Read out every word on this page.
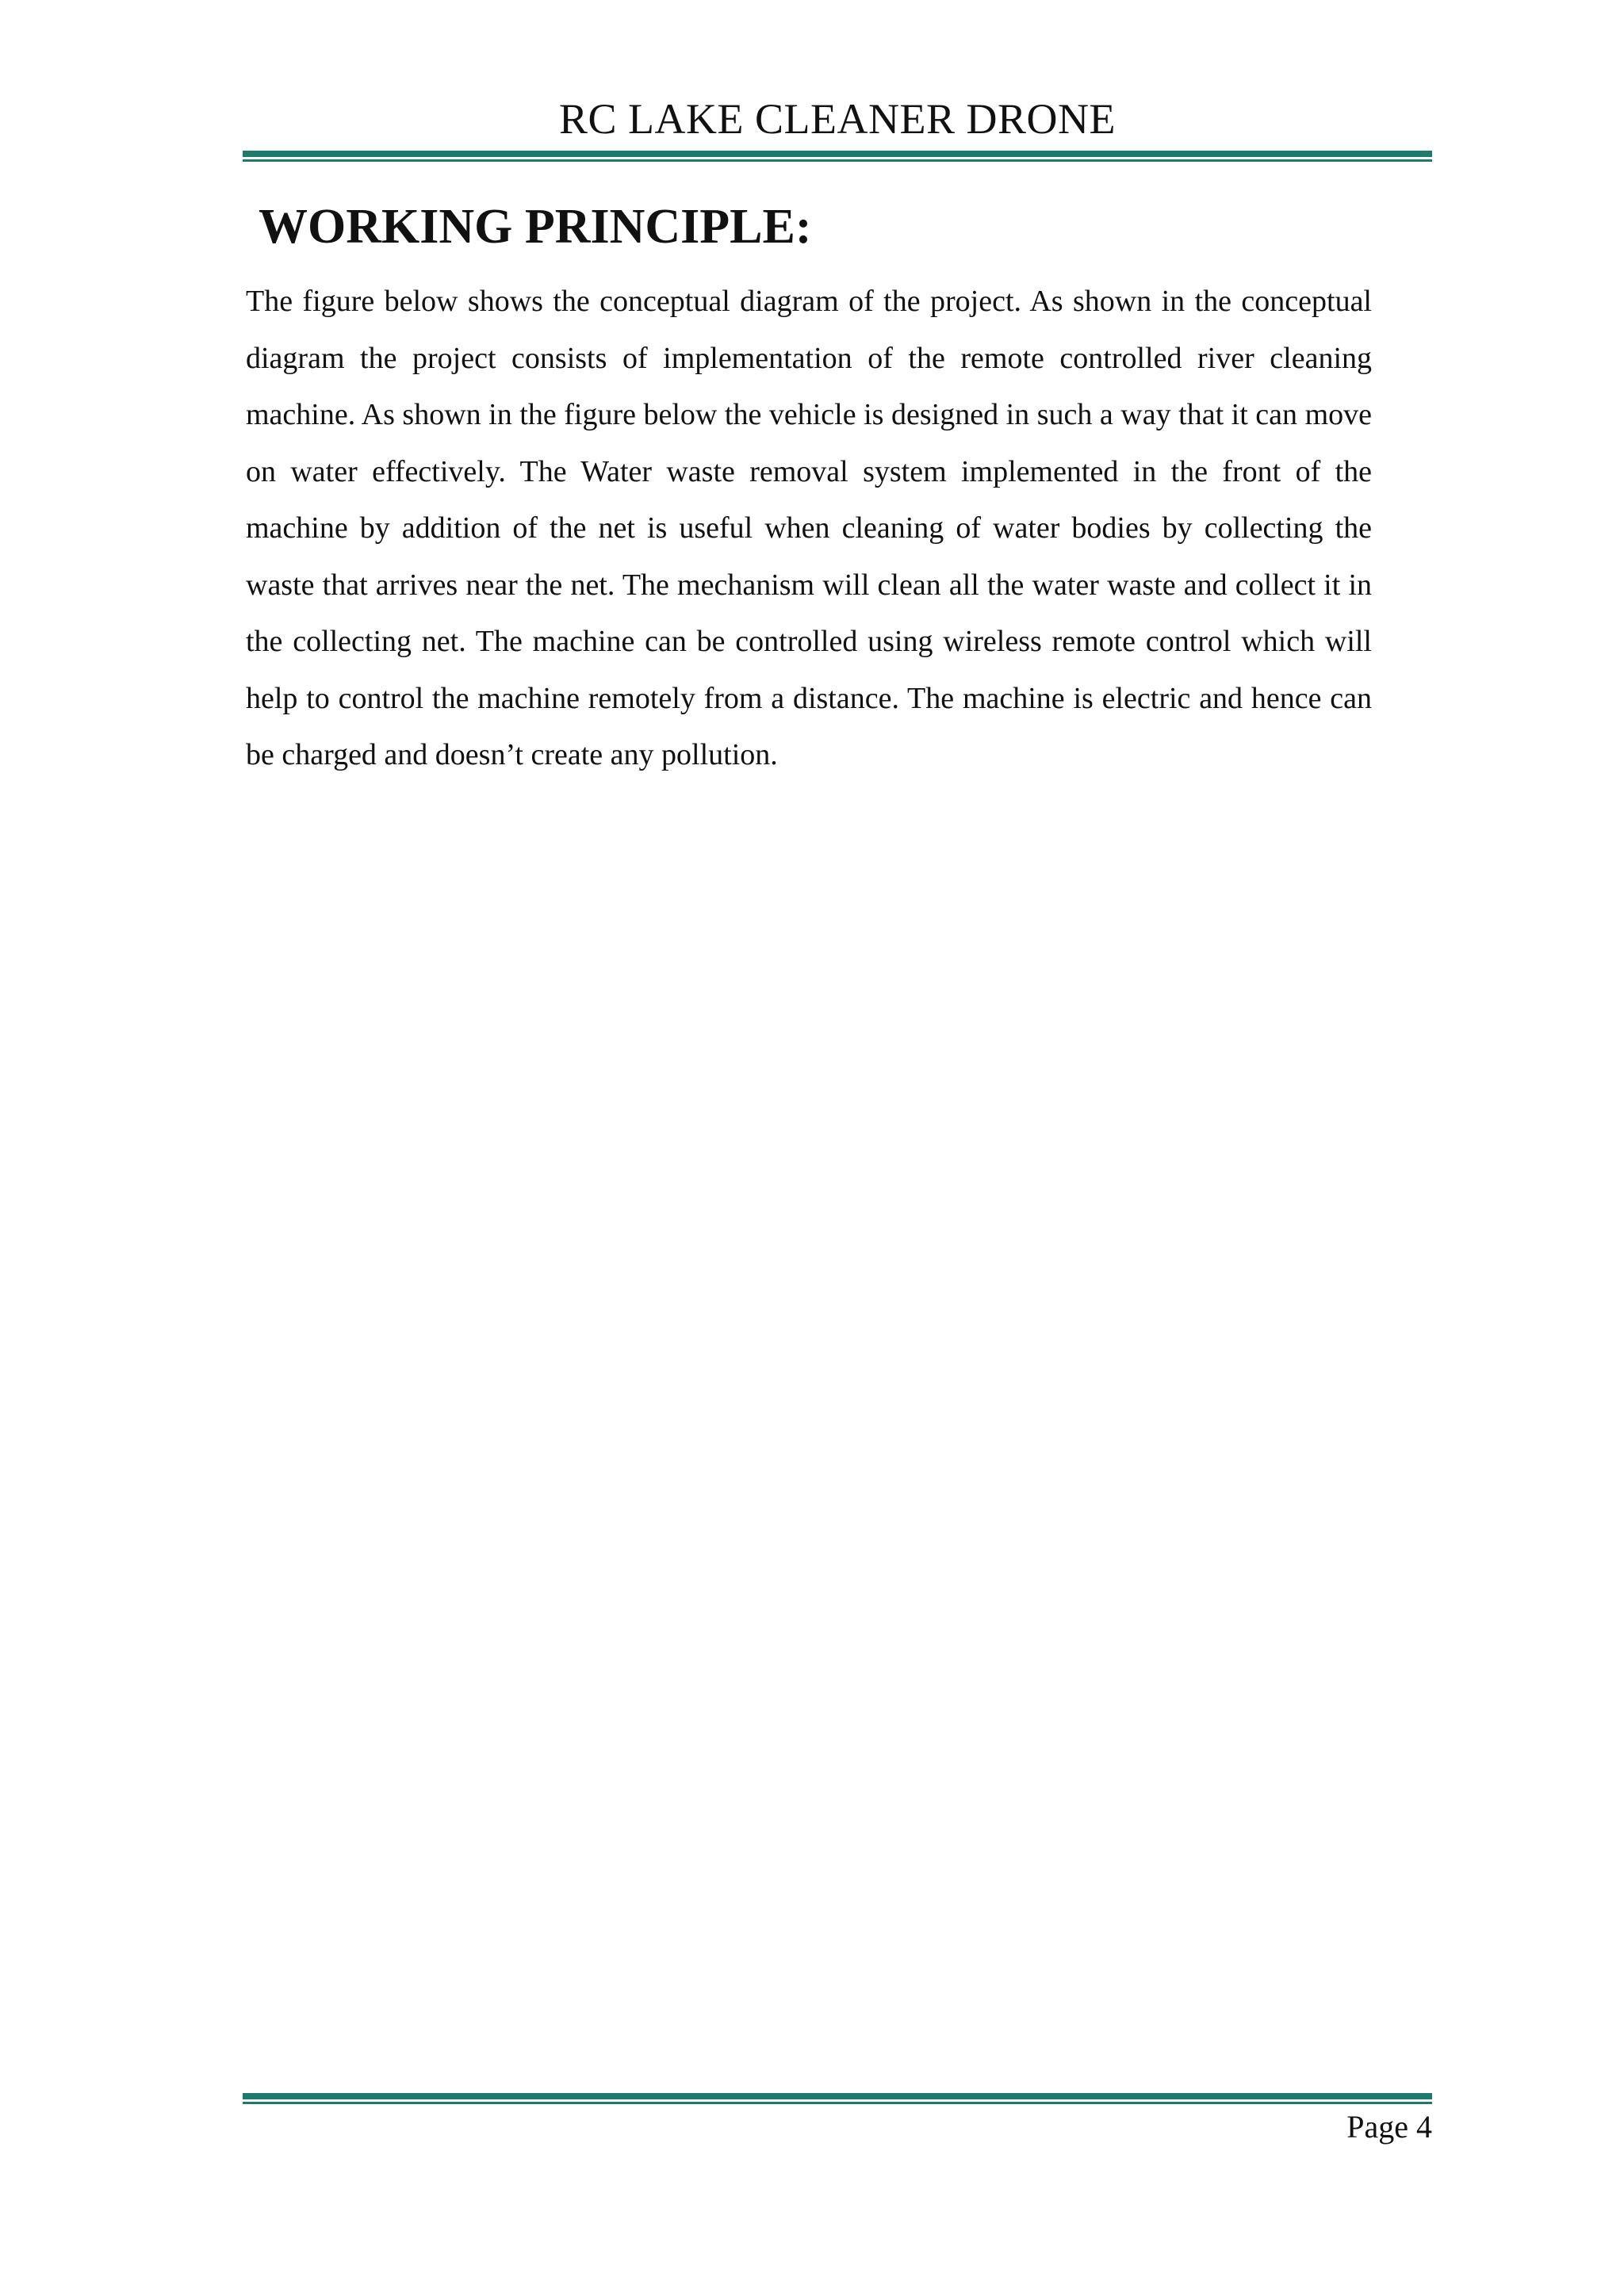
RC LAKE CLEANER DRONE
WORKING PRINCIPLE:
The figure below shows the conceptual diagram of the project. As shown in the conceptual diagram the project consists of implementation of the remote controlled river cleaning machine. As shown in the figure below the vehicle is designed in such a way that it can move on water effectively. The Water waste removal system implemented in the front of the machine by addition of the net is useful when cleaning of water bodies by collecting the waste that arrives near the net. The mechanism will clean all the water waste and collect it in the collecting net. The machine can be controlled using wireless remote control which will help to control the machine remotely from a distance. The machine is electric and hence can be charged and doesn’t create any pollution.
Page 4
